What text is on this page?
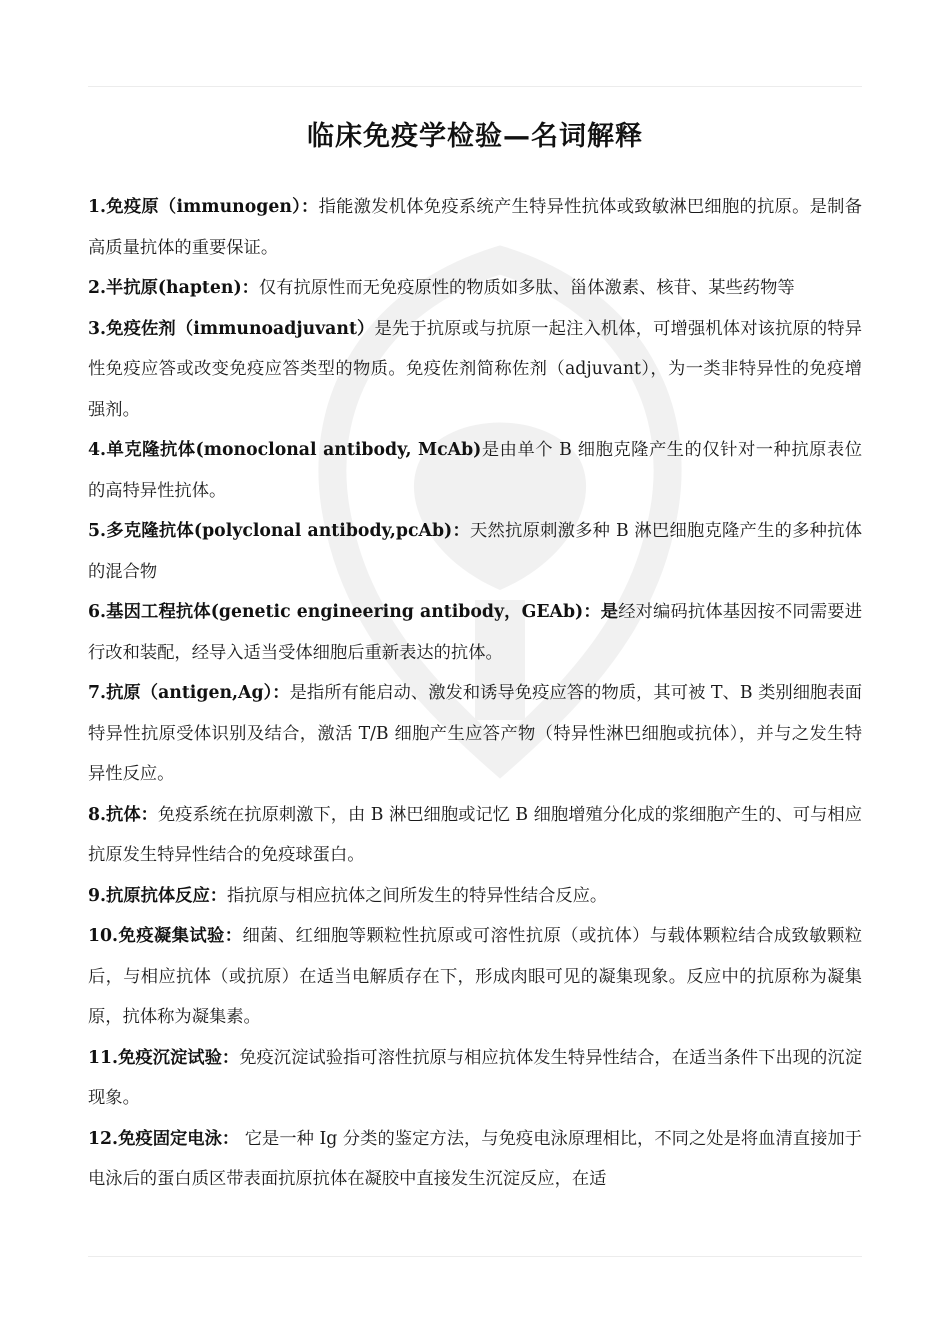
临床免疫学检验—名词解释

1.免疫原（immunogen）：指能激发机体免疫系统产生特异性抗体或致敏淋巴细胞的抗原。是制备高质量抗体的重要保证。

2.半抗原(hapten)：仅有抗原性而无免疫原性的物质如多肽、甾体激素、核苷、某些药物等

3.免疫佐剂（immunoadjuvant）是先于抗原或与抗原一起注入机体，可增强机体对该抗原的特异性免疫应答或改变免疫应答类型的物质。免疫佐剂简称佐剂（adjuvant），为一类非特异性的免疫增强剂。

4.单克隆抗体(monoclonal antibody, McAb)是由单个 B 细胞克隆产生的仅针对一种抗原表位的高特异性抗体。

5.多克隆抗体(polyclonal antibody,pcAb)：天然抗原刺激多种 B 淋巴细胞克隆产生的多种抗体的混合物

6.基因工程抗体(genetic engineering antibody，GEAb)：是经对编码抗体基因按不同需要进行改和装配，经导入适当受体细胞后重新表达的抗体。

7.抗原（antigen,Ag）：是指所有能启动、激发和诱导免疫应答的物质，其可被 T、B 类别细胞表面特异性抗原受体识别及结合，激活 T/B 细胞产生应答产物（特异性淋巴细胞或抗体），并与之发生特异性反应。

8.抗体：免疫系统在抗原刺激下，由 B 淋巴细胞或记忆 B 细胞增殖分化成的浆细胞产生的、可与相应抗原发生特异性结合的免疫球蛋白。

9.抗原抗体反应：指抗原与相应抗体之间所发生的特异性结合反应。

10.免疫凝集试验：细菌、红细胞等颗粒性抗原或可溶性抗原（或抗体）与载体颗粒结合成致敏颗粒后，与相应抗体（或抗原）在适当电解质存在下，形成肉眼可见的凝集现象。反应中的抗原称为凝集原，抗体称为凝集素。

11.免疫沉淀试验：免疫沉淀试验指可溶性抗原与相应抗体发生特异性结合，在适当条件下出现的沉淀现象。

12.免疫固定电泳： 它是一种 Ig 分类的鉴定方法，与免疫电泳原理相比，不同之处是将血清直接加于电泳后的蛋白质区带表面抗原抗体在凝胶中直接发生沉淀反应，在适
